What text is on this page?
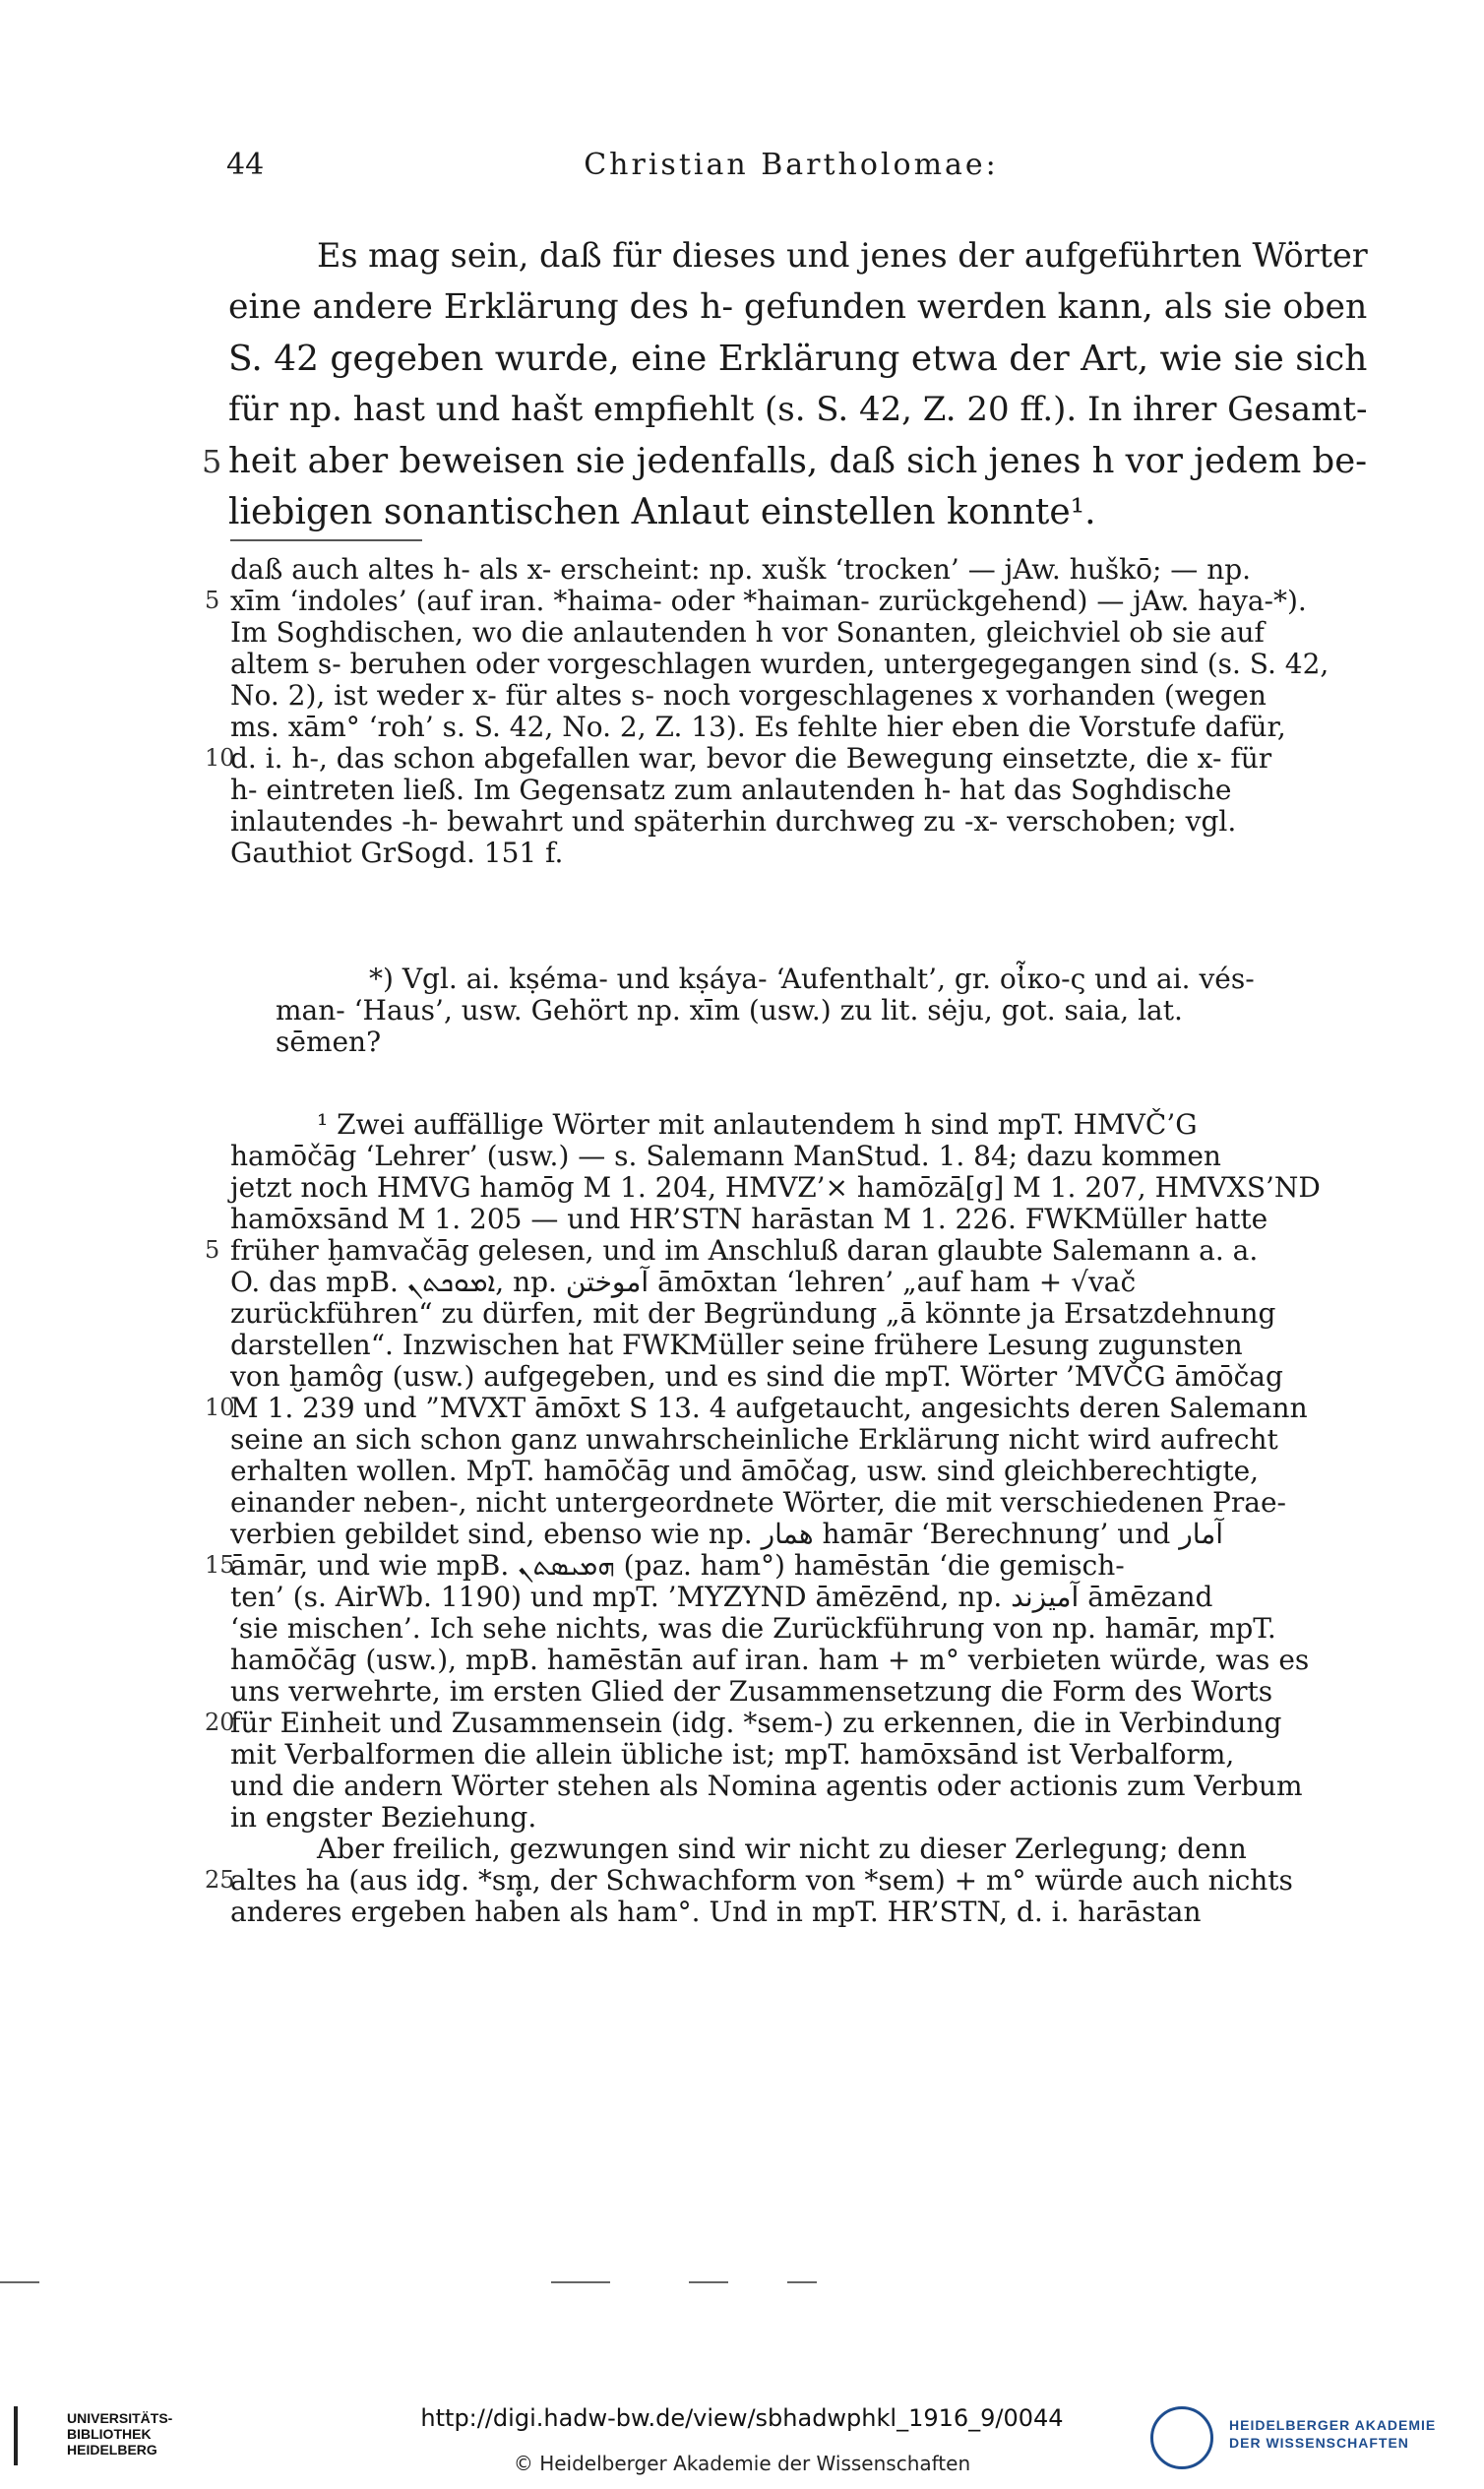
44	Christian Bartholomae:
Es mag sein, daß für dieses und jenes der aufgeführten Wörter
eine andere Erklärung des h- gefunden werden kann, als sie oben
S. 42 gegeben wurde, eine Erklärung etwa der Art, wie sie sich
für np. hast und hašt empfiehlt (s. S. 42, Z. 20 ff.). In ihrer Gesamt-
5 heit aber beweisen sie jedenfalls, daß sich jenes h vor jedem be-
liebigen sonantischen Anlaut einstellen konnte¹.
daß auch altes h- als x- erscheint: np. xušk ‘trocken’ — jAw. huškō; — np.
5 xīm ‘indoles’ (auf iran. *haima- oder *haiman- zurückgehend) — jAw. haya-*).
Im Soghdischen, wo die anlautenden h vor Sonanten, gleichviel ob sie auf
altem s- beruhen oder vorgeschlagen wurden, untergegegangen sind (s. S. 42,
No. 2), ist weder x- für altes s- noch vorgeschlagenes x vorhanden (wegen
ms. xām° ‘roh’ s. S. 42, No. 2, Z. 13). Es fehlte hier eben die Vorstufe dafür,
10
d. i. h-, das schon abgefallen war, bevor die Bewegung einsetzte, die x- für
h- eintreten ließ. Im Gegensatz zum anlautenden h- hat das Soghdische
inlautendes -h- bewahrt und späterhin durchweg zu -x- verschoben; vgl.
Gauthiot GrSogd. 151 f.
*) Vgl. ai. kṣéma- und kṣáya- ‘Aufenthalt’, gr. οἶκο-ς und ai. vés-
man- ‘Haus’, usw. Gehört np. xīm (usw.) zu lit. sėju, got. saia, lat.
sēmen?
¹ Zwei auffällige Wörter mit anlautendem h sind mpT. HMVČ’G
hamōčāg ‘Lehrer’ (usw.) — s. Salemann ManStud. 1. 84; dazu kommen
jetzt noch HMVG hamōg M 1. 204, HMVZ’× hamōzā[g] M 1. 207, HMVXS’ND
hamōxsānd M 1. 205 — und HR’STN harāstan M 1. 226. FWKMüller hatte
5 früher ḫamvačāg gelesen, und im Anschluß daran glaubte Salemann a. a.
O. das mpB. ܐܡܘܟܬܢ, np. آموختن āmōxtan ‘lehren’ „auf ham + √vač
zurückführen“ zu dürfen, mit der Begründung „ā könnte ja Ersatzdehnung
darstellen“. Inzwischen hat FWKMüller seine frühere Lesung zugunsten
von ḫamôg (usw.) aufgegeben, und es sind die mpT. Wörter ’MVČG āmōčag
10
M 1. 239 und ”MVXT āmōxt S 13. 4 aufgetaucht, angesichts deren Salemann
seine an sich schon ganz unwahrscheinliche Erklärung nicht wird aufrecht
erhalten wollen. MpT. hamōčāg und āmōčag, usw. sind gleichberechtigte,
einander neben-, nicht untergeordnete Wörter, die mit verschiedenen Prae-
verbien gebildet sind, ebenso wie np. همار hamār ‘Berechnung’ und آمار
15
āmār, und wie mpB. ܗܡܝܣܬܢ (paz. ham°) hamēstān ‘die gemisch-
ten’ (s. AirWb. 1190) und mpT. ’MYZYND āmēzēnd, np. آمیزند āmēzand
‘sie mischen’. Ich sehe nichts, was die Zurückführung von np. hamār, mpT.
hamōčāg (usw.), mpB. hamēstān auf iran. ham + m° verbieten würde, was es
uns verwehrte, im ersten Glied der Zusammensetzung die Form des Worts
20
für Einheit und Zusammensein (idg. *sem-) zu erkennen, die in Verbindung
mit Verbalformen die allein übliche ist; mpT. hamōxsānd ist Verbalform,
und die andern Wörter stehen als Nomina agentis oder actionis zum Verbum
in engster Beziehung.
Aber freilich, gezwungen sind wir nicht zu dieser Zerlegung; denn
25
altes ha (aus idg. *sm̥, der Schwachform von *sem) + m° würde auch nichts
anderes ergeben haben als ham°. Und in mpT. HR’STN, d. i. harāstan
UNIVERSITÄTS-
BIBLIOTHEK
HEIDELBERG
http://digi.hadw-bw.de/view/sbhadwphkl_1916_9/0044
© Heidelberger Akademie der Wissenschaften
HEIDELBERGER AKADEMIE
DER WISSENSCHAFTEN
